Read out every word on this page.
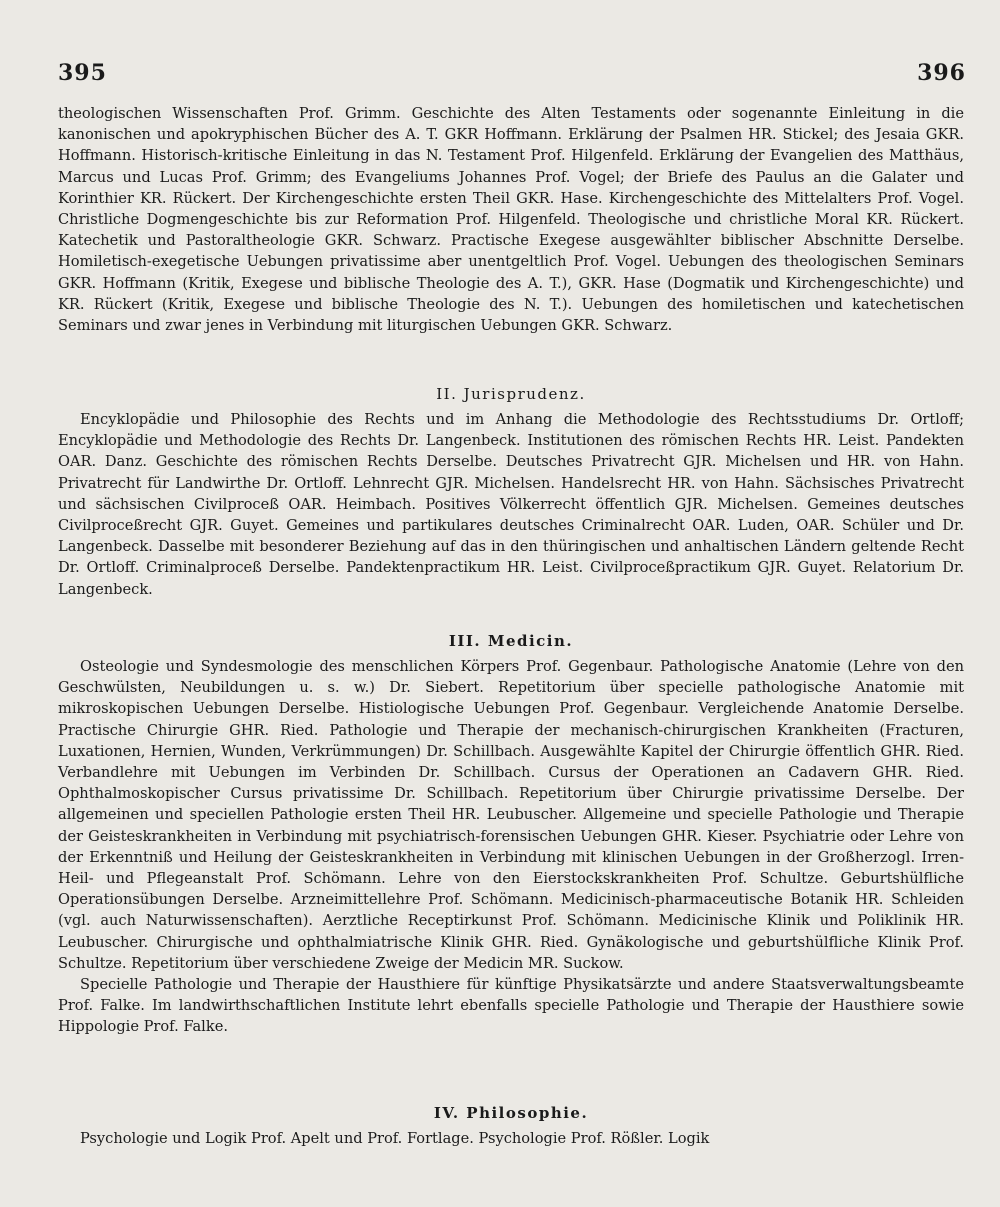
395	396

theologischen Wissenschaften Prof. Grimm. Geschichte des Alten Testaments oder sogenannte Einleitung in die kanonischen und apokryphischen Bücher des A. T. GKR Hoffmann. Erklärung der Psalmen HR. Stickel; des Jesaia GKR. Hoffmann. Historisch-kritische Einleitung in das N. Testament Prof. Hilgenfeld. Erklärung der Evangelien des Matthäus, Marcus und Lucas Prof. Grimm; des Evangeliums Johannes Prof. Vogel; der Briefe des Paulus an die Galater und Korinthier KR. Rückert. Der Kirchengeschichte ersten Theil GKR. Hase. Kirchengeschichte des Mittelalters Prof. Vogel. Christliche Dogmengeschichte bis zur Reformation Prof. Hilgenfeld. Theologische und christliche Moral KR. Rückert. Katechetik und Pastoraltheologie GKR. Schwarz. Practische Exegese ausgewählter biblischer Abschnitte Derselbe. Homiletisch-exegetische Uebungen privatissime aber unentgeltlich Prof. Vogel. Uebungen des theologischen Seminars GKR. Hoffmann (Kritik, Exegese und biblische Theologie des A. T.), GKR. Hase (Dogmatik und Kirchengeschichte) und KR. Rückert (Kritik, Exegese und biblische Theologie des N. T.). Uebungen des homiletischen und katechetischen Seminars und zwar jenes in Verbindung mit liturgischen Uebungen GKR. Schwarz.

II. Jurisprudenz.

Encyklopädie und Philosophie des Rechts und im Anhang die Methodologie des Rechtsstudiums Dr. Ortloff; Encyklopädie und Methodologie des Rechts Dr. Langenbeck. Institutionen des römischen Rechts HR. Leist. Pandekten OAR. Danz. Geschichte des römischen Rechts Derselbe. Deutsches Privatrecht GJR. Michelsen und HR. von Hahn. Privatrecht für Landwirthe Dr. Ortloff. Lehnrecht GJR. Michelsen. Handelsrecht HR. von Hahn. Sächsisches Privatrecht und sächsischen Civilproceß OAR. Heimbach. Positives Völkerrecht öffentlich GJR. Michelsen. Gemeines deutsches Civilproceßrecht GJR. Guyet. Gemeines und partikulares deutsches Criminalrecht OAR. Luden, OAR. Schüler und Dr. Langenbeck. Dasselbe mit besonderer Beziehung auf das in den thüringischen und anhaltischen Ländern geltende Recht Dr. Ortloff. Criminalproceß Derselbe. Pandektenpractikum HR. Leist. Civilproceßpractikum GJR. Guyet. Relatorium Dr. Langenbeck.

III. Medicin.

Osteologie und Syndesmologie des menschlichen Körpers Prof. Gegenbaur. Pathologische Anatomie (Lehre von den Geschwülsten, Neubildungen u. s. w.) Dr. Siebert. Repetitorium über specielle pathologische Anatomie mit mikroskopischen Uebungen Derselbe. Histiologische Uebungen Prof. Gegenbaur. Vergleichende Anatomie Derselbe. Practische Chirurgie GHR. Ried. Pathologie und Therapie der mechanisch-chirurgischen Krankheiten (Fracturen, Luxationen, Hernien, Wunden, Verkrümmungen) Dr. Schillbach. Ausgewählte Kapitel der Chirurgie öffentlich GHR. Ried. Verbandlehre mit Uebungen im Verbinden Dr. Schillbach. Cursus der Operationen an Cadavern GHR. Ried. Ophthalmoskopischer Cursus privatissime Dr. Schillbach. Repetitorium über Chirurgie privatissime Derselbe. Der allgemeinen und speciellen Pathologie ersten Theil HR. Leubuscher. Allgemeine und specielle Pathologie und Therapie der Geisteskrankheiten in Verbindung mit psychiatrisch-forensischen Uebungen GHR. Kieser. Psychiatrie oder Lehre von der Erkenntniß und Heilung der Geisteskrankheiten in Verbindung mit klinischen Uebungen in der Großherzogl. Irren-Heil- und Pflegeanstalt Prof. Schömann. Lehre von den Eierstockskrankheiten Prof. Schultze. Geburtshülfliche Operationsübungen Derselbe. Arzneimittellehre Prof. Schömann. Medicinisch-pharmaceutische Botanik HR. Schleiden (vgl. auch Naturwissenschaften). Aerztliche Receptirkunst Prof. Schömann. Medicinische Klinik und Poliklinik HR. Leubuscher. Chirurgische und ophthalmiatrische Klinik GHR. Ried. Gynäkologische und geburtshülfliche Klinik Prof. Schultze. Repetitorium über verschiedene Zweige der Medicin MR. Suckow.

Specielle Pathologie und Therapie der Hausthiere für künftige Physikatsärzte und andere Staatsverwaltungsbeamte Prof. Falke. Im landwirthschaftlichen Institute lehrt ebenfalls specielle Pathologie und Therapie der Hausthiere sowie Hippologie Prof. Falke.

IV. Philosophie.

Psychologie und Logik Prof. Apelt und Prof. Fortlage. Psychologie Prof. Rößler. Logik
